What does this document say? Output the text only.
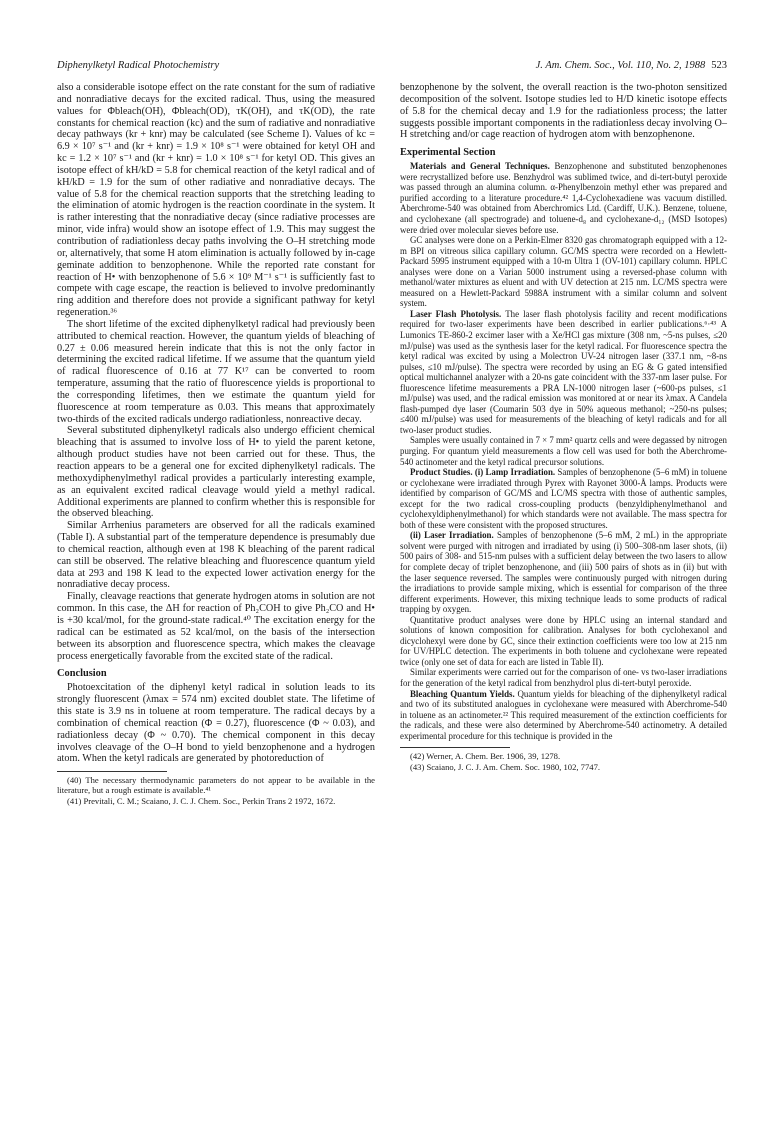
Diphenylketyl Radical Photochemistry	J. Am. Chem. Soc., Vol. 110, No. 2, 1988 523

also a considerable isotope effect on the rate constant for the sum of radiative and nonradiative decays for the excited radical. Thus, using the measured values for Φbleach(OH), Φbleach(OD), τK(OH), and τK(OD), the rate constants for chemical reaction (kc) and the sum of radiative and nonradiative decay pathways (kr + knr) may be calculated (see Scheme I). Values of kc = 6.9 × 10⁷ s⁻¹ and (kr + knr) = 1.9 × 10⁸ s⁻¹ were obtained for ketyl OH and kc = 1.2 × 10⁷ s⁻¹ and (kr + knr) = 1.0 × 10⁸ s⁻¹ for ketyl OD. This gives an isotope effect of kH/kD = 5.8 for chemical reaction of the ketyl radical and of kH/kD = 1.9 for the sum of other radiative and nonradiative decays. The value of 5.8 for the chemical reaction supports that the stretching leading to the elimination of atomic hydrogen is the reaction coordinate in the system. It is rather interesting that the nonradiative decay (since radiative processes are minor, vide infra) would show an isotope effect of 1.9. This may suggest the contribution of radiationless decay paths involving the O–H stretching mode or, alternatively, that some H atom elimination is actually followed by in-cage geminate addition to benzophenone. While the reported rate constant for reaction of H• with benzophenone of 5.6 × 10⁹ M⁻¹ s⁻¹ is sufficiently fast to compete with cage escape, the reaction is believed to involve predominantly ring addition and therefore does not provide a significant pathway for ketyl regeneration.³⁶

The short lifetime of the excited diphenylketyl radical had previously been attributed to chemical reaction. However, the quantum yields of bleaching of 0.27 ± 0.06 measured herein indicate that this is not the only factor in determining the excited radical lifetime. If we assume that the quantum yield of radical fluorescence of 0.16 at 77 K¹⁷ can be converted to room temperature, assuming that the ratio of fluorescence yields is proportional to the corresponding lifetimes, then we estimate the quantum yield for fluorescence at room temperature as 0.03. This means that approximately two-thirds of the excited radicals undergo radiationless, nonreactive decay.

Several substituted diphenylketyl radicals also undergo efficient chemical bleaching that is assumed to involve loss of H• to yield the parent ketone, although product studies have not been carried out for these. Thus, the reaction appears to be a general one for excited diphenylketyl radicals. The methoxydiphenylmethyl radical provides a particularly interesting example, as an equivalent excited radical cleavage would yield a methyl radical. Additional experiments are planned to confirm whether this is responsible for the observed bleaching.

Similar Arrhenius parameters are observed for all the radicals examined (Table I). A substantial part of the temperature dependence is presumably due to chemical reaction, although even at 198 K bleaching of the parent radical can still be observed. The relative bleaching and fluorescence quantum yield data at 293 and 198 K lead to the expected lower activation energy for the nonradiative decay process.

Finally, cleavage reactions that generate hydrogen atoms in solution are not common. In this case, the ΔH for reaction of Ph₂COH to give Ph₂CO and H• is +30 kcal/mol, for the ground-state radical.⁴⁰ The excitation energy for the radical can be estimated as 52 kcal/mol, on the basis of the intersection between its absorption and fluorescence spectra, which makes the cleavage process energetically favorable from the excited state of the radical.

Conclusion

Photoexcitation of the diphenyl ketyl radical in solution leads to its strongly fluorescent (λmax = 574 nm) excited doublet state. The lifetime of this state is 3.9 ns in toluene at room temperature. The radical decays by a combination of chemical reaction (Φ = 0.27), fluorescence (Φ ~ 0.03), and radiationless decay (Φ ~ 0.70). The chemical component in this decay involves cleavage of the O–H bond to yield benzophenone and a hydrogen atom. When the ketyl radicals are generated by photoreduction of

(40) The necessary thermodynamic parameters do not appear to be available in the literature, but a rough estimate is available.⁴¹

(41) Previtali, C. M.; Scaiano, J. C. J. Chem. Soc., Perkin Trans 2 1972, 1672.

benzophenone by the solvent, the overall reaction is the two-photon sensitized decomposition of the solvent. Isotope studies led to H/D kinetic isotope effects of 5.8 for the chemical decay and 1.9 for the radiationless process; the latter suggests possible important components in the radiationless decay involving O–H stretching and/or cage reaction of hydrogen atom with benzophenone.

Experimental Section

Materials and General Techniques. Benzophenone and substituted benzophenones were recrystallized before use. Benzhydrol was sublimed twice, and di-tert-butyl peroxide was passed through an alumina column. α-Phenylbenzoin methyl ether was prepared and purified according to a literature procedure.⁴² 1,4-Cyclohexadiene was vacuum distilled. Aberchrome-540 was obtained from Aberchromics Ltd. (Cardiff, U.K.). Benzene, toluene, and cyclohexane (all spectrograde) and toluene-d₈ and cyclohexane-d₁₂ (MSD Isotopes) were dried over molecular sieves before use.

GC analyses were done on a Perkin-Elmer 8320 gas chromatograph equipped with a 12-m BPI on vitreous silica capillary column. GC/MS spectra were recorded on a Hewlett-Packard 5995 instrument equipped with a 10-m Ultra 1 (OV-101) capillary column. HPLC analyses were done on a Varian 5000 instrument using a reversed-phase column with methanol/water mixtures as eluent and with UV detection at 215 nm. LC/MS spectra were measured on a Hewlett-Packard 5988A instrument with a similar column and solvent system.

Laser Flash Photolysis. The laser flash photolysis facility and recent modifications required for two-laser experiments have been described in earlier publications.⁶·⁴³ A Lumonics TE-860-2 excimer laser with a Xe/HCl gas mixture (308 nm, ~5-ns pulses, ≤20 mJ/pulse) was used as the synthesis laser for the ketyl radical. For fluorescence spectra the ketyl radical was excited by using a Molectron UV-24 nitrogen laser (337.1 nm, ~8-ns pulses, ≤10 mJ/pulse). The spectra were recorded by using an EG & G gated intensified optical multichannel analyzer with a 20-ns gate coincident with the 337-nm laser pulse. For fluorescence lifetime measurements a PRA LN-1000 nitrogen laser (~600-ps pulses, ≤1 mJ/pulse) was used, and the radical emission was monitored at or near its λmax. A Candela flash-pumped dye laser (Coumarin 503 dye in 50% aqueous methanol; ~250-ns pulses; ≤400 mJ/pulse) was used for measurements of the bleaching of ketyl radicals and for all two-laser product studies.

Samples were usually contained in 7 × 7 mm² quartz cells and were degassed by nitrogen purging. For quantum yield measurements a flow cell was used for both the Aberchrome-540 actinometer and the ketyl radical precursor solutions.

Product Studies. (i) Lamp Irradiation. Samples of benzophenone (5–6 mM) in toluene or cyclohexane were irradiated through Pyrex with Rayonet 3000-Å lamps. Products were identified by comparison of GC/MS and LC/MS spectra with those of authentic samples, except for the two radical cross-coupling products (benzyldiphenylmethanol and cyclohexyldiphenylmethanol) for which standards were not available. The mass spectra for both of these were consistent with the proposed structures.

(ii) Laser Irradiation. Samples of benzophenone (5–6 mM, 2 mL) in the appropriate solvent were purged with nitrogen and irradiated by using (i) 500–308-nm laser shots, (ii) 500 pairs of 308- and 515-nm pulses with a sufficient delay between the two lasers to allow for complete decay of triplet benzophenone, and (iii) 500 pairs of shots as in (ii) but with the laser sequence reversed. The samples were continuously purged with nitrogen during the irradiations to provide sample mixing, which is essential for comparison of the three different experiments. However, this mixing technique leads to some products of radical trapping by oxygen.

Quantitative product analyses were done by HPLC using an internal standard and solutions of known composition for calibration. Analyses for both cyclohexanol and dicyclohexyl were done by GC, since their extinction coefficients were too low at 215 nm for UV/HPLC detection. The experiments in both toluene and cyclohexane were repeated twice (only one set of data for each are listed in Table II).

Similar experiments were carried out for the comparison of one- vs two-laser irradiations for the generation of the ketyl radical from benzhydrol plus di-tert-butyl peroxide.

Bleaching Quantum Yields. Quantum yields for bleaching of the diphenylketyl radical and two of its substituted analogues in cyclohexane were measured with Aberchrome-540 in toluene as an actinometer.²² This required measurement of the extinction coefficients for the radicals, and these were also determined by Aberchrome-540 actinometry. A detailed experimental procedure for this technique is provided in the

(42) Werner, A. Chem. Ber. 1906, 39, 1278.

(43) Scaiano, J. C. J. Am. Chem. Soc. 1980, 102, 7747.
